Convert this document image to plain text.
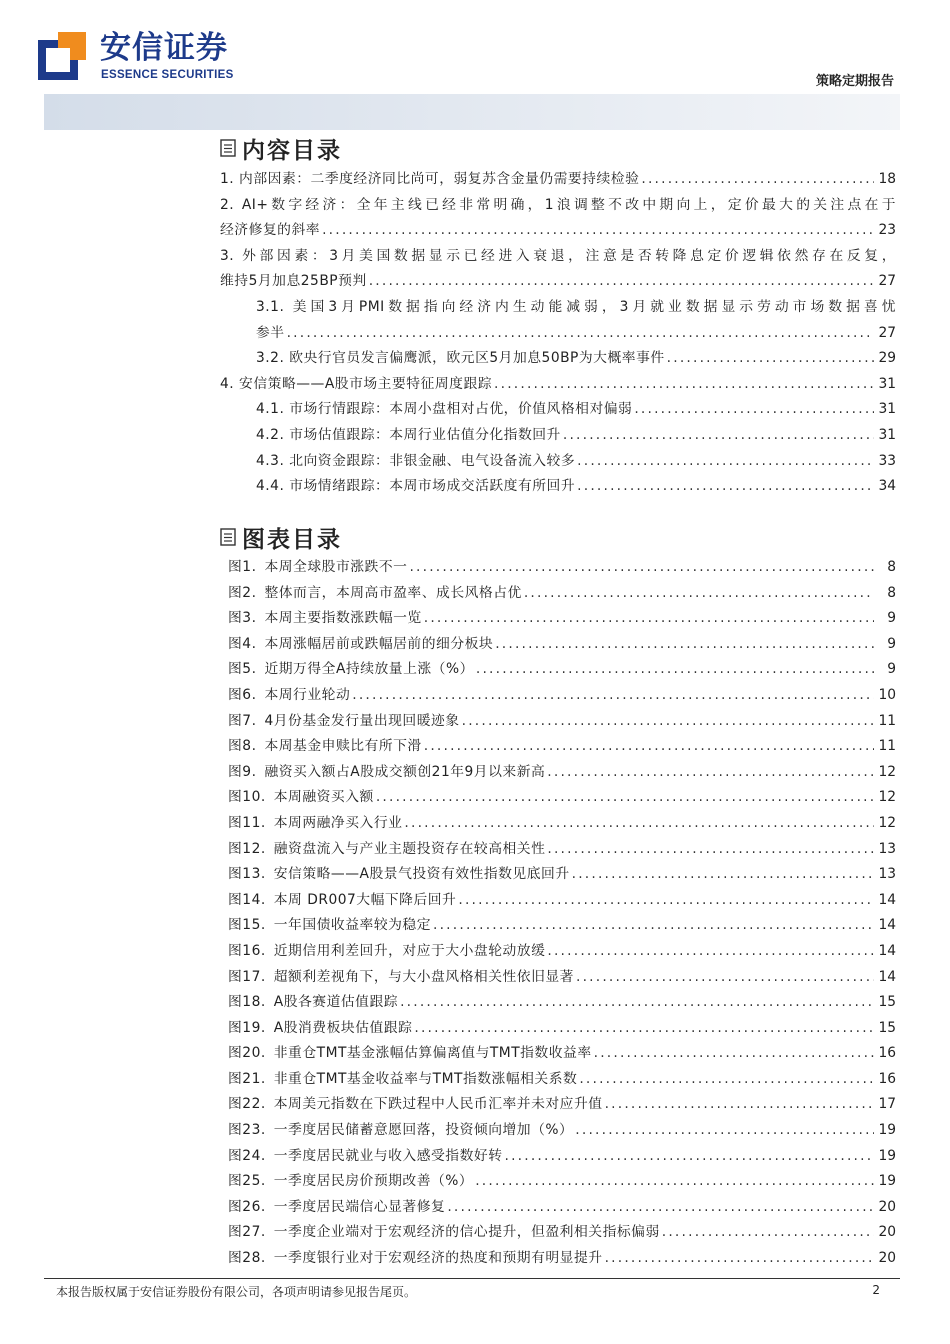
安信证券
ESSENCE SECURITIES	策略定期报告
内容目录
1. 内部因素：二季度经济同比尚可，弱复苏含金量仍需要持续检验 .....	18
2. AI+数字经济：全年主线已经非常明确，1浪调整不改中期向上，定价最大的关注点在于
经济修复的斜率 .....	23
3. 外部因素：3月美国数据显示已经进入衰退，注意是否转降息定价逻辑依然存在反复，
维持5月加息25BP预判 .....	27
3.1. 美国3月PMI数据指向经济内生动能减弱，3月就业数据显示劳动市场数据喜忧
参半 .....	27
3.2. 欧央行官员发言偏鹰派，欧元区5月加息50BP为大概率事件 .....	29
4. 安信策略——A股市场主要特征周度跟踪 .....	31
4.1. 市场行情跟踪：本周小盘相对占优，价值风格相对偏弱 .....	31
4.2. 市场估值跟踪：本周行业估值分化指数回升 .....	31
4.3. 北向资金跟踪：非银金融、电气设备流入较多 .....	33
4.4. 市场情绪跟踪：本周市场成交活跃度有所回升 .....	34
图表目录
图1. 本周全球股市涨跌不一 .....	8
图2. 整体而言，本周高市盈率、成长风格占优 .....	8
图3. 本周主要指数涨跌幅一览 .....	9
图4. 本周涨幅居前或跌幅居前的细分板块 .....	9
图5. 近期万得全A持续放量上涨（%） .....	9
图6. 本周行业轮动 .....	10
图7. 4月份基金发行量出现回暖迹象 .....	11
图8. 本周基金申赎比有所下滑 .....	11
图9. 融资买入额占A股成交额创21年9月以来新高 .....	12
图10. 本周融资买入额 .....	12
图11. 本周两融净买入行业 .....	12
图12. 融资盘流入与产业主题投资存在较高相关性 .....	13
图13. 安信策略——A股景气投资有效性指数见底回升 .....	13
图14. 本周 DR007大幅下降后回升 .....	14
图15. 一年国债收益率较为稳定 .....	14
图16. 近期信用利差回升，对应于大小盘轮动放缓 .....	14
图17. 超额利差视角下，与大小盘风格相关性依旧显著 .....	14
图18. A股各赛道估值跟踪 .....	15
图19. A股消费板块估值跟踪 .....	15
图20. 非重仓TMT基金涨幅估算偏离值与TMT指数收益率 .....	16
图21. 非重仓TMT基金收益率与TMT指数涨幅相关系数 .....	16
图22. 本周美元指数在下跌过程中人民币汇率并未对应升值 .....	17
图23. 一季度居民储蓄意愿回落，投资倾向增加（%） .....	19
图24. 一季度居民就业与收入感受指数好转 .....	19
图25. 一季度居民房价预期改善（%） .....	19
图26. 一季度居民端信心显著修复 .....	20
图27. 一季度企业端对于宏观经济的信心提升，但盈利相关指标偏弱 .....	20
图28. 一季度银行业对于宏观经济的热度和预期有明显提升 .....	20
本报告版权属于安信证券股份有限公司，各项声明请参见报告尾页。	2
